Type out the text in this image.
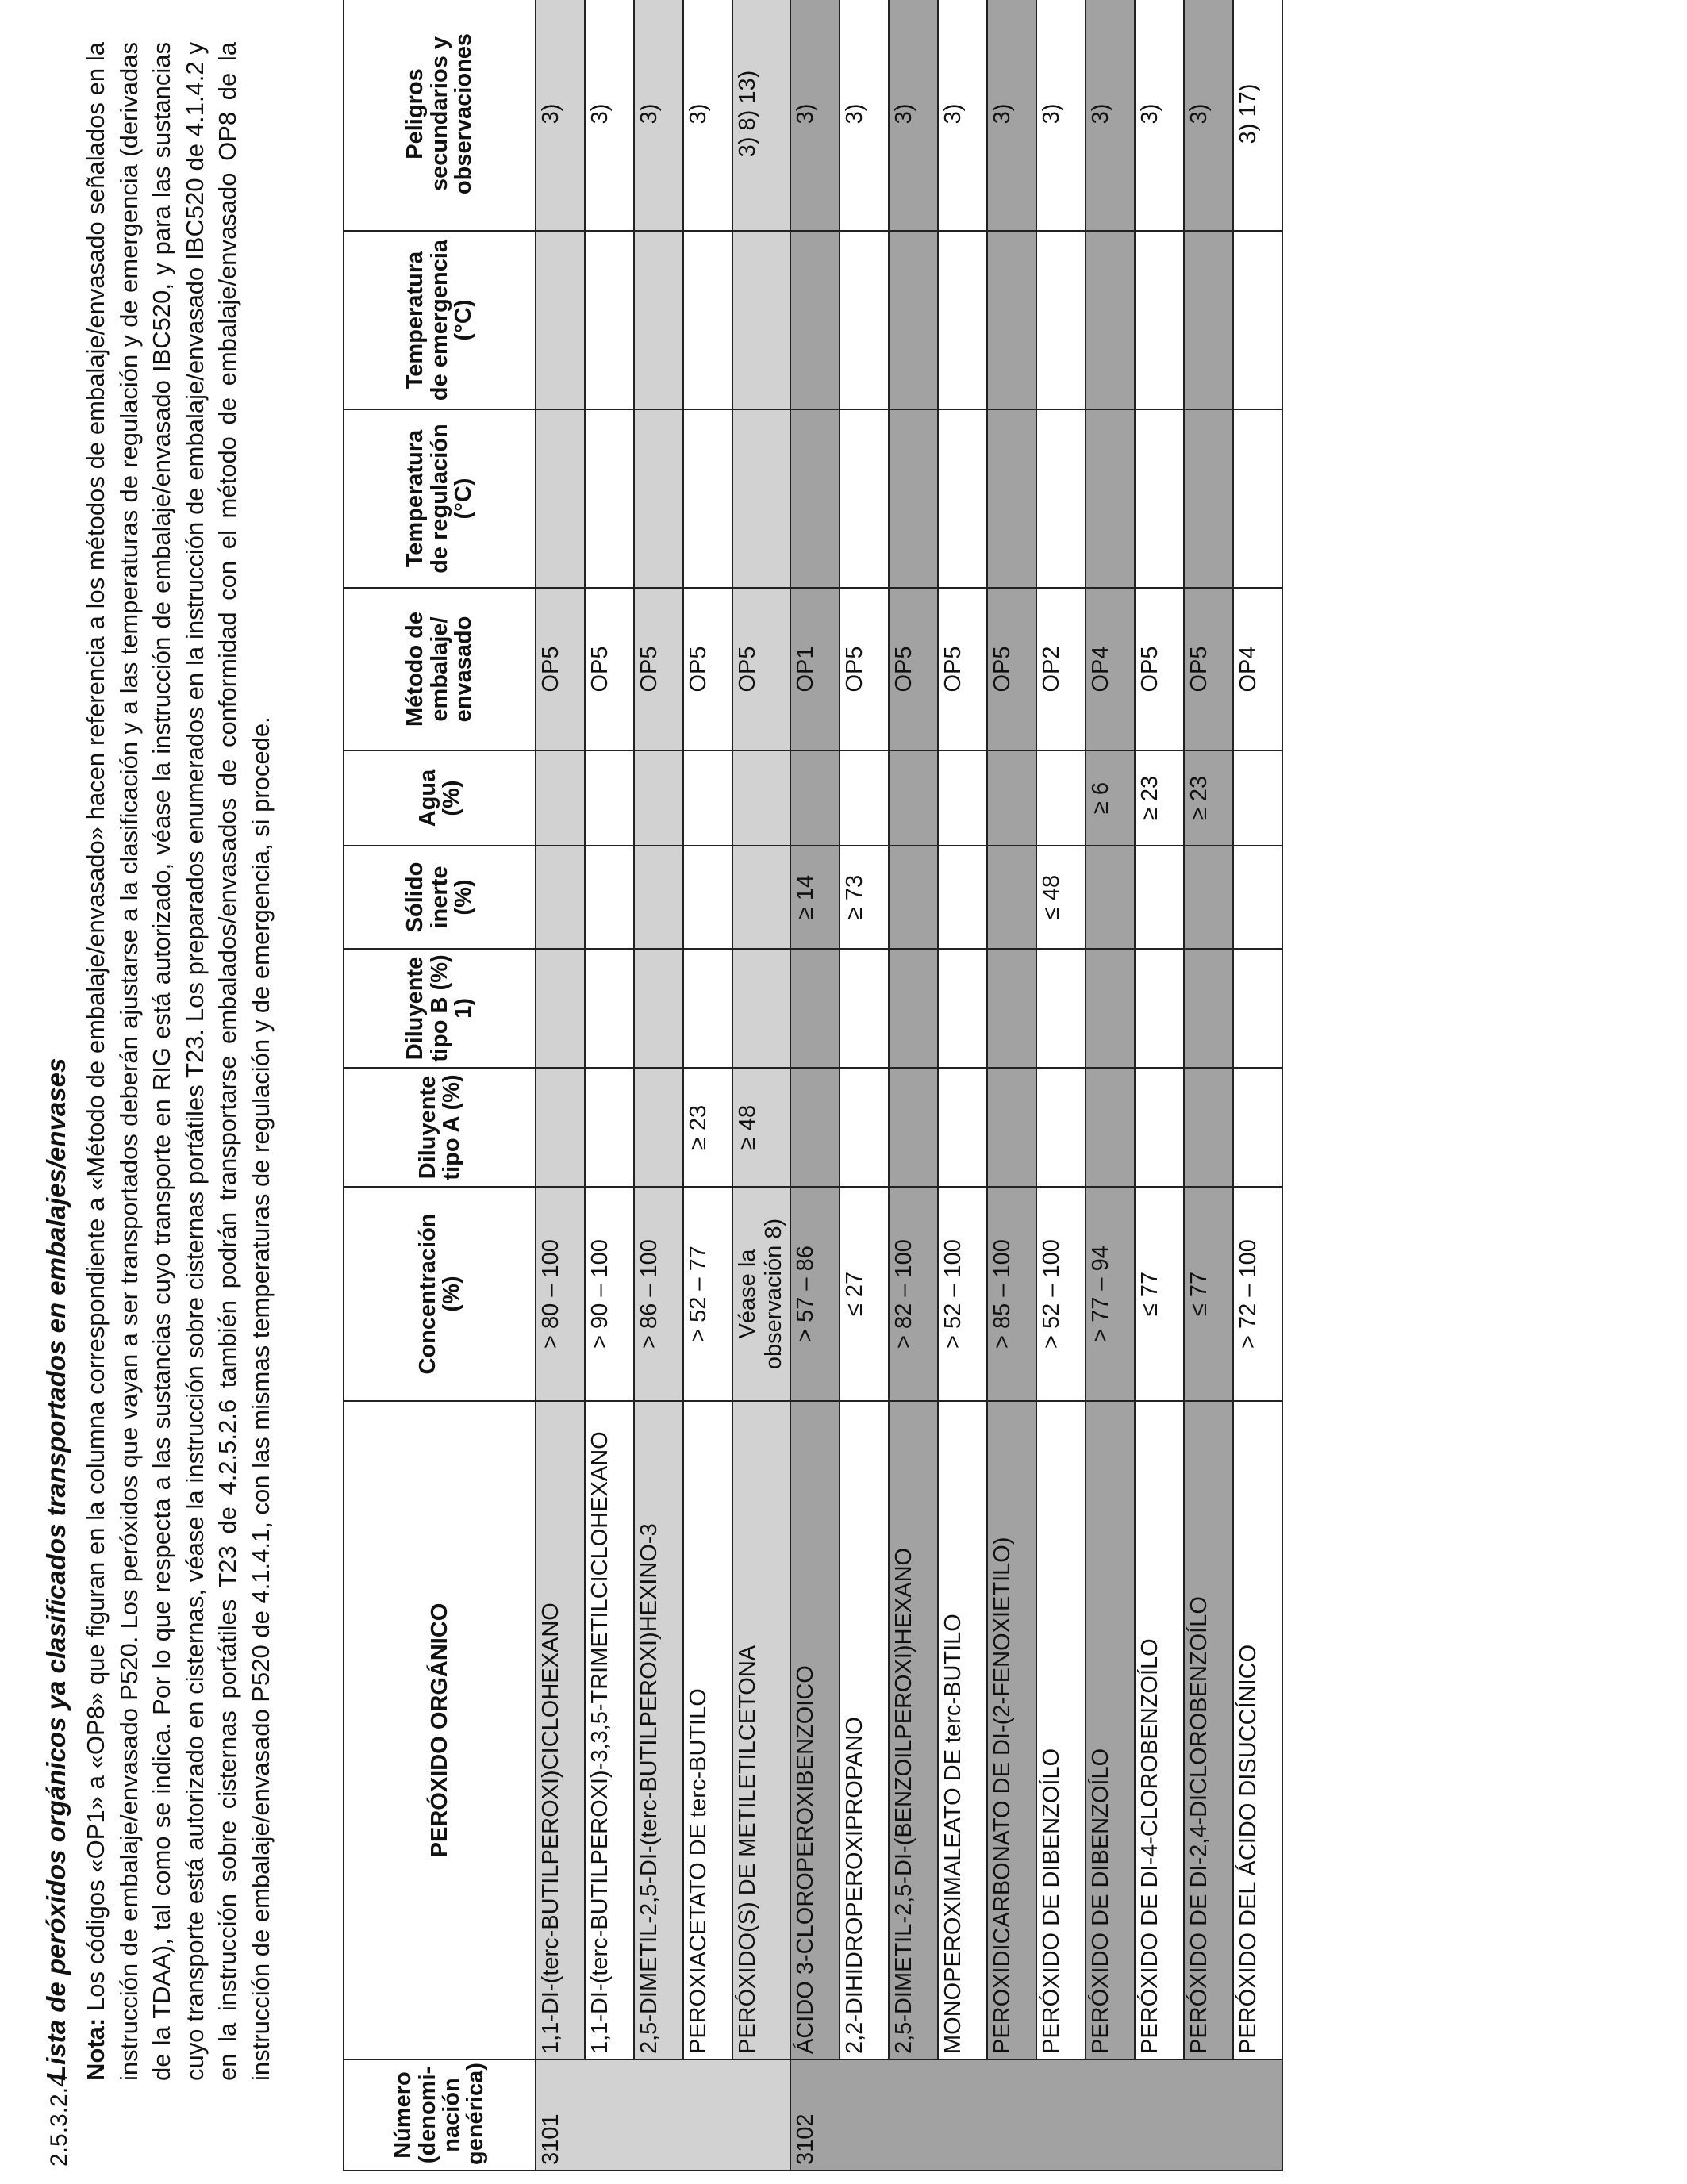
2.5.3.2.4
Lista de peróxidos orgánicos ya clasificados transportados en embalajes/envases Nota: Los códigos «OP1» a «OP8» que figuran en la columna correspondiente a «Método de embalaje/envasado» hacen referencia a los métodos de embalaje/envasado señalados en la instrucción de embalaje/envasado P520. Los peróxidos que vayan a ser transportados deberán ajustarse a la clasificación y a las temperaturas de regulación y de emergencia (derivadas de la TDAA), tal como se indica. Por lo que respecta a las sustancias cuyo transporte en RIG está autorizado, véase la instrucción de embalaje/envasado IBC520, y para las sustancias cuyo transporte está autorizado en cisternas, véase la instrucción sobre cisternas portátiles T23. Los preparados enumerados en la instrucción de embalaje/envasado IBC520 de 4.1.4.2 y en la instrucción sobre cisternas portátiles T23 de 4.2.5.2.6 también podrán transportarse embalados/envasados de conformidad con el método de embalaje/envasado OP8 de la instrucción de embalaje/envasado P520 de 4.1.4.1, con las mismas temperaturas de regulación y de emergencia, si procede.
Número (denomi-nación genérica)	PERÓXIDO ORGÁNICO	Concentración (%)	Diluyente tipo A (%)	Diluyente tipo B (%) 1)	Sólido inerte (%)	Agua (%)	Método de embalaje/ envasado	Temperatura de regulación (°C)	Temperatura de emergencia (°C)	Peligros secundarios y observaciones
3101	1,1-DI-(terc-BUTILPEROXI)CICLOHEXANO	> 80 – 100					OP5			3)
	1,1-DI-(terc-BUTILPEROXI)-3,3,5-TRIMETILCICLOHEXANO	> 90 – 100					OP5			3)
	2,5-DIMETIL-2,5-DI-(terc-BUTILPEROXI)HEXINO-3	> 86 – 100					OP5			3)
	PEROXIACETATO DE terc-BUTILO	> 52 – 77	≥ 23				OP5			3)
	PERÓXIDO(S) DE METILETILCETONA	Véase la observación 8)	≥ 48				OP5			3) 8) 13)
3102	ÁCIDO 3-CLOROPEROXIBENZOICO	> 57 – 86			≥ 14		OP1			3)
	2,2-DIHIDROPEROXIPROPANO	≤ 27			≥ 73		OP5			3)
	2,5-DIMETIL-2,5-DI-(BENZOILPEROXI)HEXANO	> 82 – 100					OP5			3)
	MONOPEROXIMALEATO DE terc-BUTILO	> 52 – 100					OP5			3)
	PEROXIDICARBONATO DE DI-(2-FENOXIETILO)	> 85 – 100					OP5			3)
	PERÓXIDO DE DIBENZOÍLO	> 52 – 100			≤ 48		OP2			3)
	PERÓXIDO DE DIBENZOÍLO	> 77 – 94				≥ 6	OP4			3)
	PERÓXIDO DE DI-4-CLOROBENZOÍLO	≤ 77				≥ 23	OP5			3)
	PERÓXIDO DE DI-2,4-DICLOROBENZOÍLO	≤ 77				≥ 23	OP5			3)
	PERÓXIDO DEL ÁCIDO DISUCCÍNICO	> 72 – 100					OP4			3) 17)
